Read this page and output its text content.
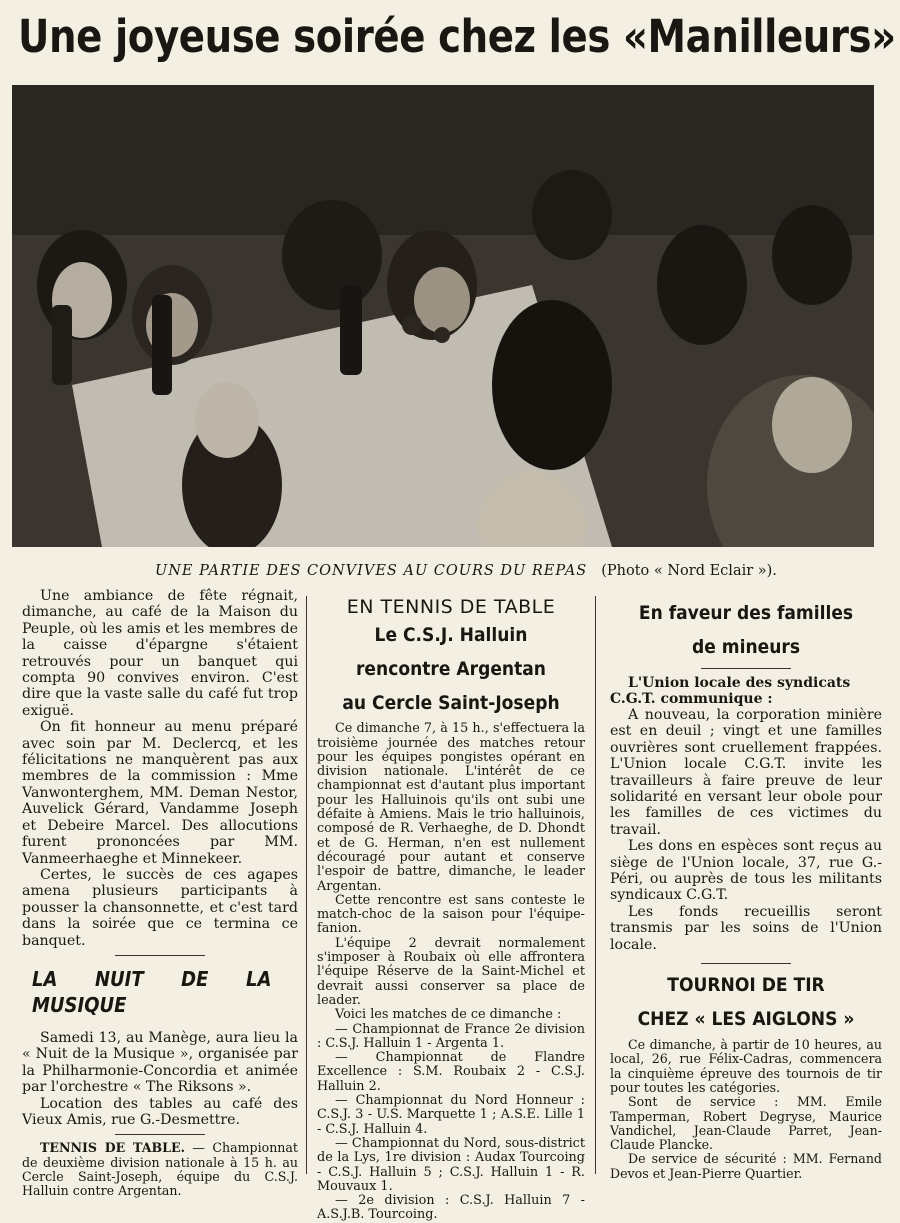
Une joyeuse soirée chez les «Manilleurs»
UNE PARTIE DES CONVIVES AU COURS DU REPAS (Photo « Nord Eclair »).

Une ambiance de fête régnait, dimanche, au café de la Maison du Peuple, où les amis et les membres de la caisse d'épargne s'étaient retrouvés pour un banquet qui compta 90 convives environ. C'est dire que la vaste salle du café fut trop exiguë.

On fit honneur au menu préparé avec soin par M. Declercq, et les félicitations ne manquèrent pas aux membres de la commission : Mme Vanwonterghem, MM. Deman Nestor, Auvelick Gérard, Vandamme Joseph et Debeire Marcel. Des allocutions furent prononcées par MM. Vanmeerhaeghe et Minnekeer.

Certes, le succès de ces agapes amena plusieurs participants à pousser la chansonnette, et c'est tard dans la soirée que ce termina ce banquet.

LA NUIT DE LA MUSIQUE

Samedi 13, au Manège, aura lieu la « Nuit de la Musique », organisée par la Philharmonie-Concordia et animée par l'orchestre « The Riksons ».

Location des tables au café des Vieux Amis, rue G.-Desmettre.

TENNIS DE TABLE. — Championnat de deuxième division nationale à 15 h. au Cercle Saint-Joseph, équipe du C.S.J. Halluin contre Argentan.

EN TENNIS DE TABLE
Le C.S.J. Halluin
rencontre Argentan
au Cercle Saint-Joseph

Ce dimanche 7, à 15 h., s'effectuera la troisième journée des matches retour pour les équipes pongistes opérant en division nationale. L'intérêt de ce championnat est d'autant plus important pour les Halluinois qu'ils ont subi une défaite à Amiens. Mais le trio halluinois, composé de R. Verhaeghe, de D. Dhondt et de G. Herman, n'en est nullement découragé pour autant et conserve l'espoir de battre, dimanche, le leader Argentan.

Cette rencontre est sans conteste le match-choc de la saison pour l'équipe-fanion.

L'équipe 2 devrait normalement s'imposer à Roubaix où elle affrontera l'équipe Réserve de la Saint-Michel et devrait aussi conserver sa place de leader.

Voici les matches de ce dimanche :

— Championnat de France 2e division : C.S.J. Halluin 1 - Argenta 1.

— Championnat de Flandre Excellence : S.M. Roubaix 2 - C.S.J. Halluin 2.

— Championnat du Nord Honneur : C.S.J. 3 - U.S. Marquette 1 ; A.S.E. Lille 1 - C.S.J. Halluin 4.

— Championnat du Nord, sous-district de la Lys, 1re division : Audax Tourcoing - C.S.J. Halluin 5 ; C.S.J. Halluin 1 - R. Mouvaux 1.

— 2e division : C.S.J. Halluin 7 - A.S.J.B. Tourcoing.

En faveur des familles
de mineurs

L'Union locale des syndicats C.G.T. communique :

A nouveau, la corporation minière est en deuil ; vingt et une familles ouvrières sont cruellement frappées. L'Union locale C.G.T. invite les travailleurs à faire preuve de leur solidarité en versant leur obole pour les familles de ces victimes du travail.

Les dons en espèces sont reçus au siège de l'Union locale, 37, rue G.-Péri, ou auprès de tous les militants syndicaux C.G.T.

Les fonds recueillis seront transmis par les soins de l'Union locale.

TOURNOI DE TIR
CHEZ « LES AIGLONS »

Ce dimanche, à partir de 10 heures, au local, 26, rue Félix-Cadras, commencera la cinquième épreuve des tournois de tir pour toutes les catégories.

Sont de service : MM. Emile Tamperman, Robert Degryse, Maurice Vandichel, Jean-Claude Parret, Jean-Claude Plancke.

De service de sécurité : MM. Fernand Devos et Jean-Pierre Quartier.
